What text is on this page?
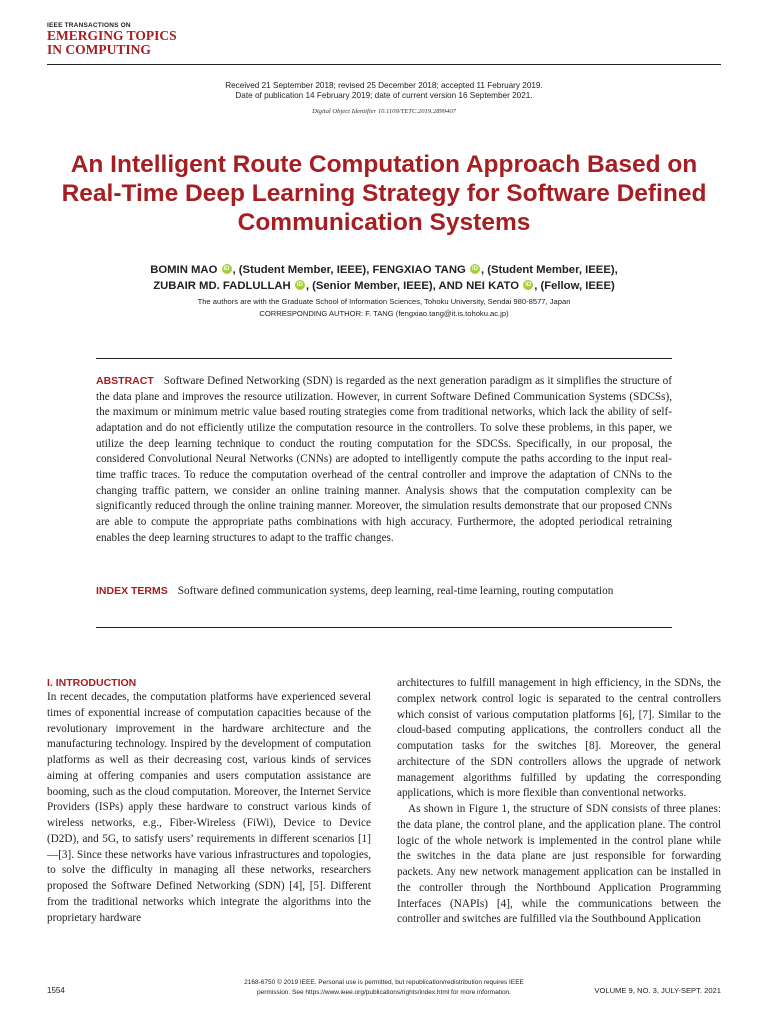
IEEE TRANSACTIONS ON
EMERGING TOPICS
IN COMPUTING
Received 21 September 2018; revised 25 December 2018; accepted 11 February 2019.
Date of publication 14 February 2019; date of current version 16 September 2021.
Digital Object Identifier 10.1109/TETC.2019.2899407
An Intelligent Route Computation Approach Based on Real-Time Deep Learning Strategy for Software Defined Communication Systems
BOMIN MAO iD , (Student Member, IEEE), FENGXIAO TANG iD , (Student Member, IEEE),
ZUBAIR MD. FADLULLAH iD , (Senior Member, IEEE), AND NEI KATO iD , (Fellow, IEEE)
The authors are with the Graduate School of Information Sciences, Tohoku University, Sendai 980-8577, Japan
CORRESPONDING AUTHOR: F. TANG (fengxiao.tang@it.is.tohoku.ac.jp)
ABSTRACT Software Defined Networking (SDN) is regarded as the next generation paradigm as it simplifies the structure of the data plane and improves the resource utilization. However, in current Software Defined Communication Systems (SDCSs), the maximum or minimum metric value based routing strategies come from traditional networks, which lack the ability of self-adaptation and do not efficiently utilize the computation resource in the controllers. To solve these problems, in this paper, we utilize the deep learning technique to conduct the routing computation for the SDCSs. Specifically, in our proposal, the considered Convolutional Neural Networks (CNNs) are adopted to intelligently compute the paths according to the input real-time traffic traces. To reduce the computation overhead of the central controller and improve the adaptation of CNNs to the changing traffic pattern, we consider an online training manner. Analysis shows that the computation complexity can be significantly reduced through the online training manner. Moreover, the simulation results demonstrate that our proposed CNNs are able to compute the appropriate paths combinations with high accuracy. Furthermore, the adopted periodical retraining enables the deep learning structures to adapt to the traffic changes.
INDEX TERMS Software defined communication systems, deep learning, real-time learning, routing computation
I. INTRODUCTION

In recent decades, the computation platforms have experienced several times of exponential increase of computation capacities because of the revolutionary improvement in the hardware architecture and the manufacturing technology. Inspired by the development of computation platforms as well as their decreasing cost, various kinds of services aiming at offering companies and users computation assistance are booming, such as the cloud computation. Moreover, the Internet Service Providers (ISPs) apply these hardware to construct various kinds of wireless networks, e.g., Fiber-Wireless (FiWi), Device to Device (D2D), and 5G, to satisfy users’ requirements in different scenarios [1]—[3]. Since these networks have various infrastructures and topologies, to solve the difficulty in managing all these networks, researchers proposed the Software Defined Networking (SDN) [4], [5]. Different from the traditional networks which integrate the algorithms into the proprietary hardware

architectures to fulfill management in high efficiency, in the SDNs, the complex network control logic is separated to the central controllers which consist of various computation platforms [6], [7]. Similar to the cloud-based computing applications, the controllers conduct all the computation tasks for the switches [8]. Moreover, the general architecture of the SDN controllers allows the upgrade of network management algorithms fulfilled by updating the corresponding applications, which is more flexible than conventional networks.

As shown in Figure 1, the structure of SDN consists of three planes: the data plane, the control plane, and the application plane. The control logic of the whole network is implemented in the control plane while the switches in the data plane are just responsible for forwarding packets. Any new network management application can be installed in the controller through the Northbound Application Programming Interfaces (NAPIs) [4], while the communications between the controller and switches are fulfilled via the Southbound Application

2168-6750 © 2019 IEEE. Personal use is permitted, but republication/redistribution requires IEEE
permission. See https://www.ieee.org/publications/rights/index.html for more information.
1554	VOLUME 9, NO. 3, JULY-SEPT. 2021
